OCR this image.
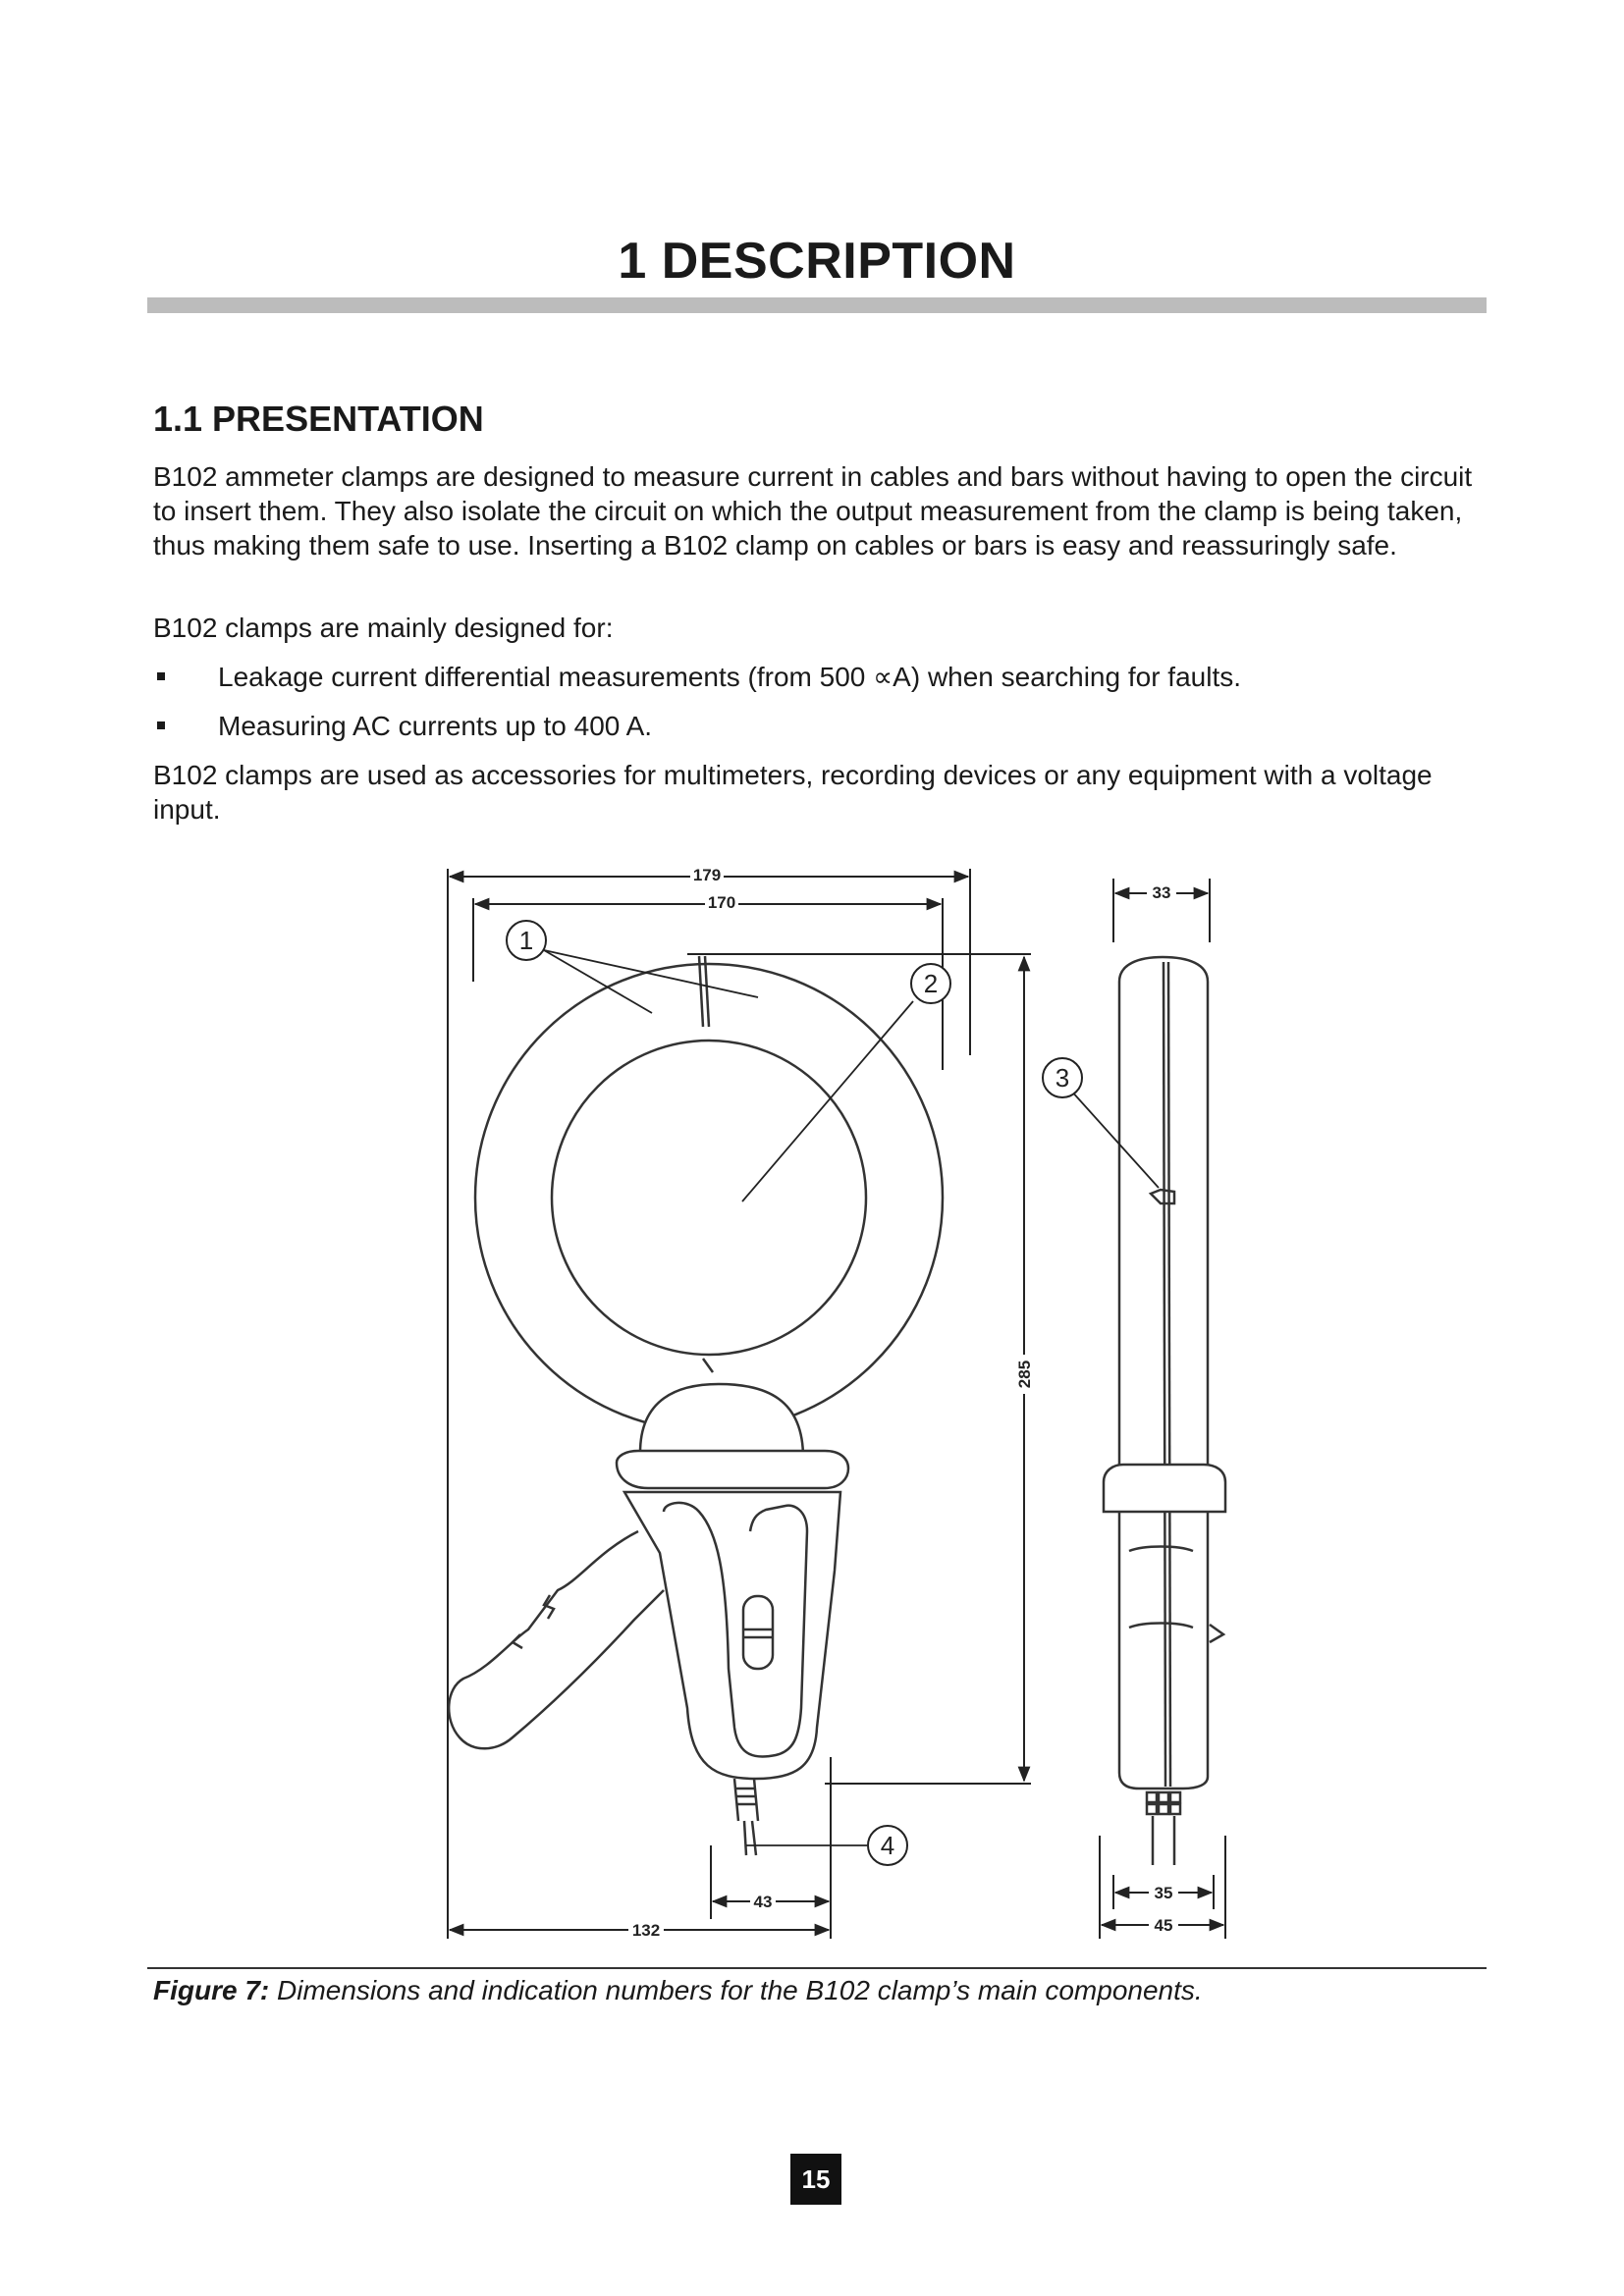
1 DESCRIPTION
1.1 PRESENTATION

B102 ammeter clamps are designed to measure current in cables and bars without having to open the circuit to insert them. They also isolate the circuit on which the output measurement from the clamp is being taken, thus making them safe to use. Inserting a B102 clamp on cables or bars is easy and reassuringly safe.

B102 clamps are mainly designed for:

Leakage current differential measurements (from 500 ∝A) when searching for faults.
Measuring AC currents up to 400 A.

B102 clamps are used as accessories for multimeters, recording devices or any equipment with a voltage input.

179
170
285
43
132
33
35
45
1
2
3
4

Figure 7: Dimensions and indication numbers for the B102 clamp’s main components.

15
